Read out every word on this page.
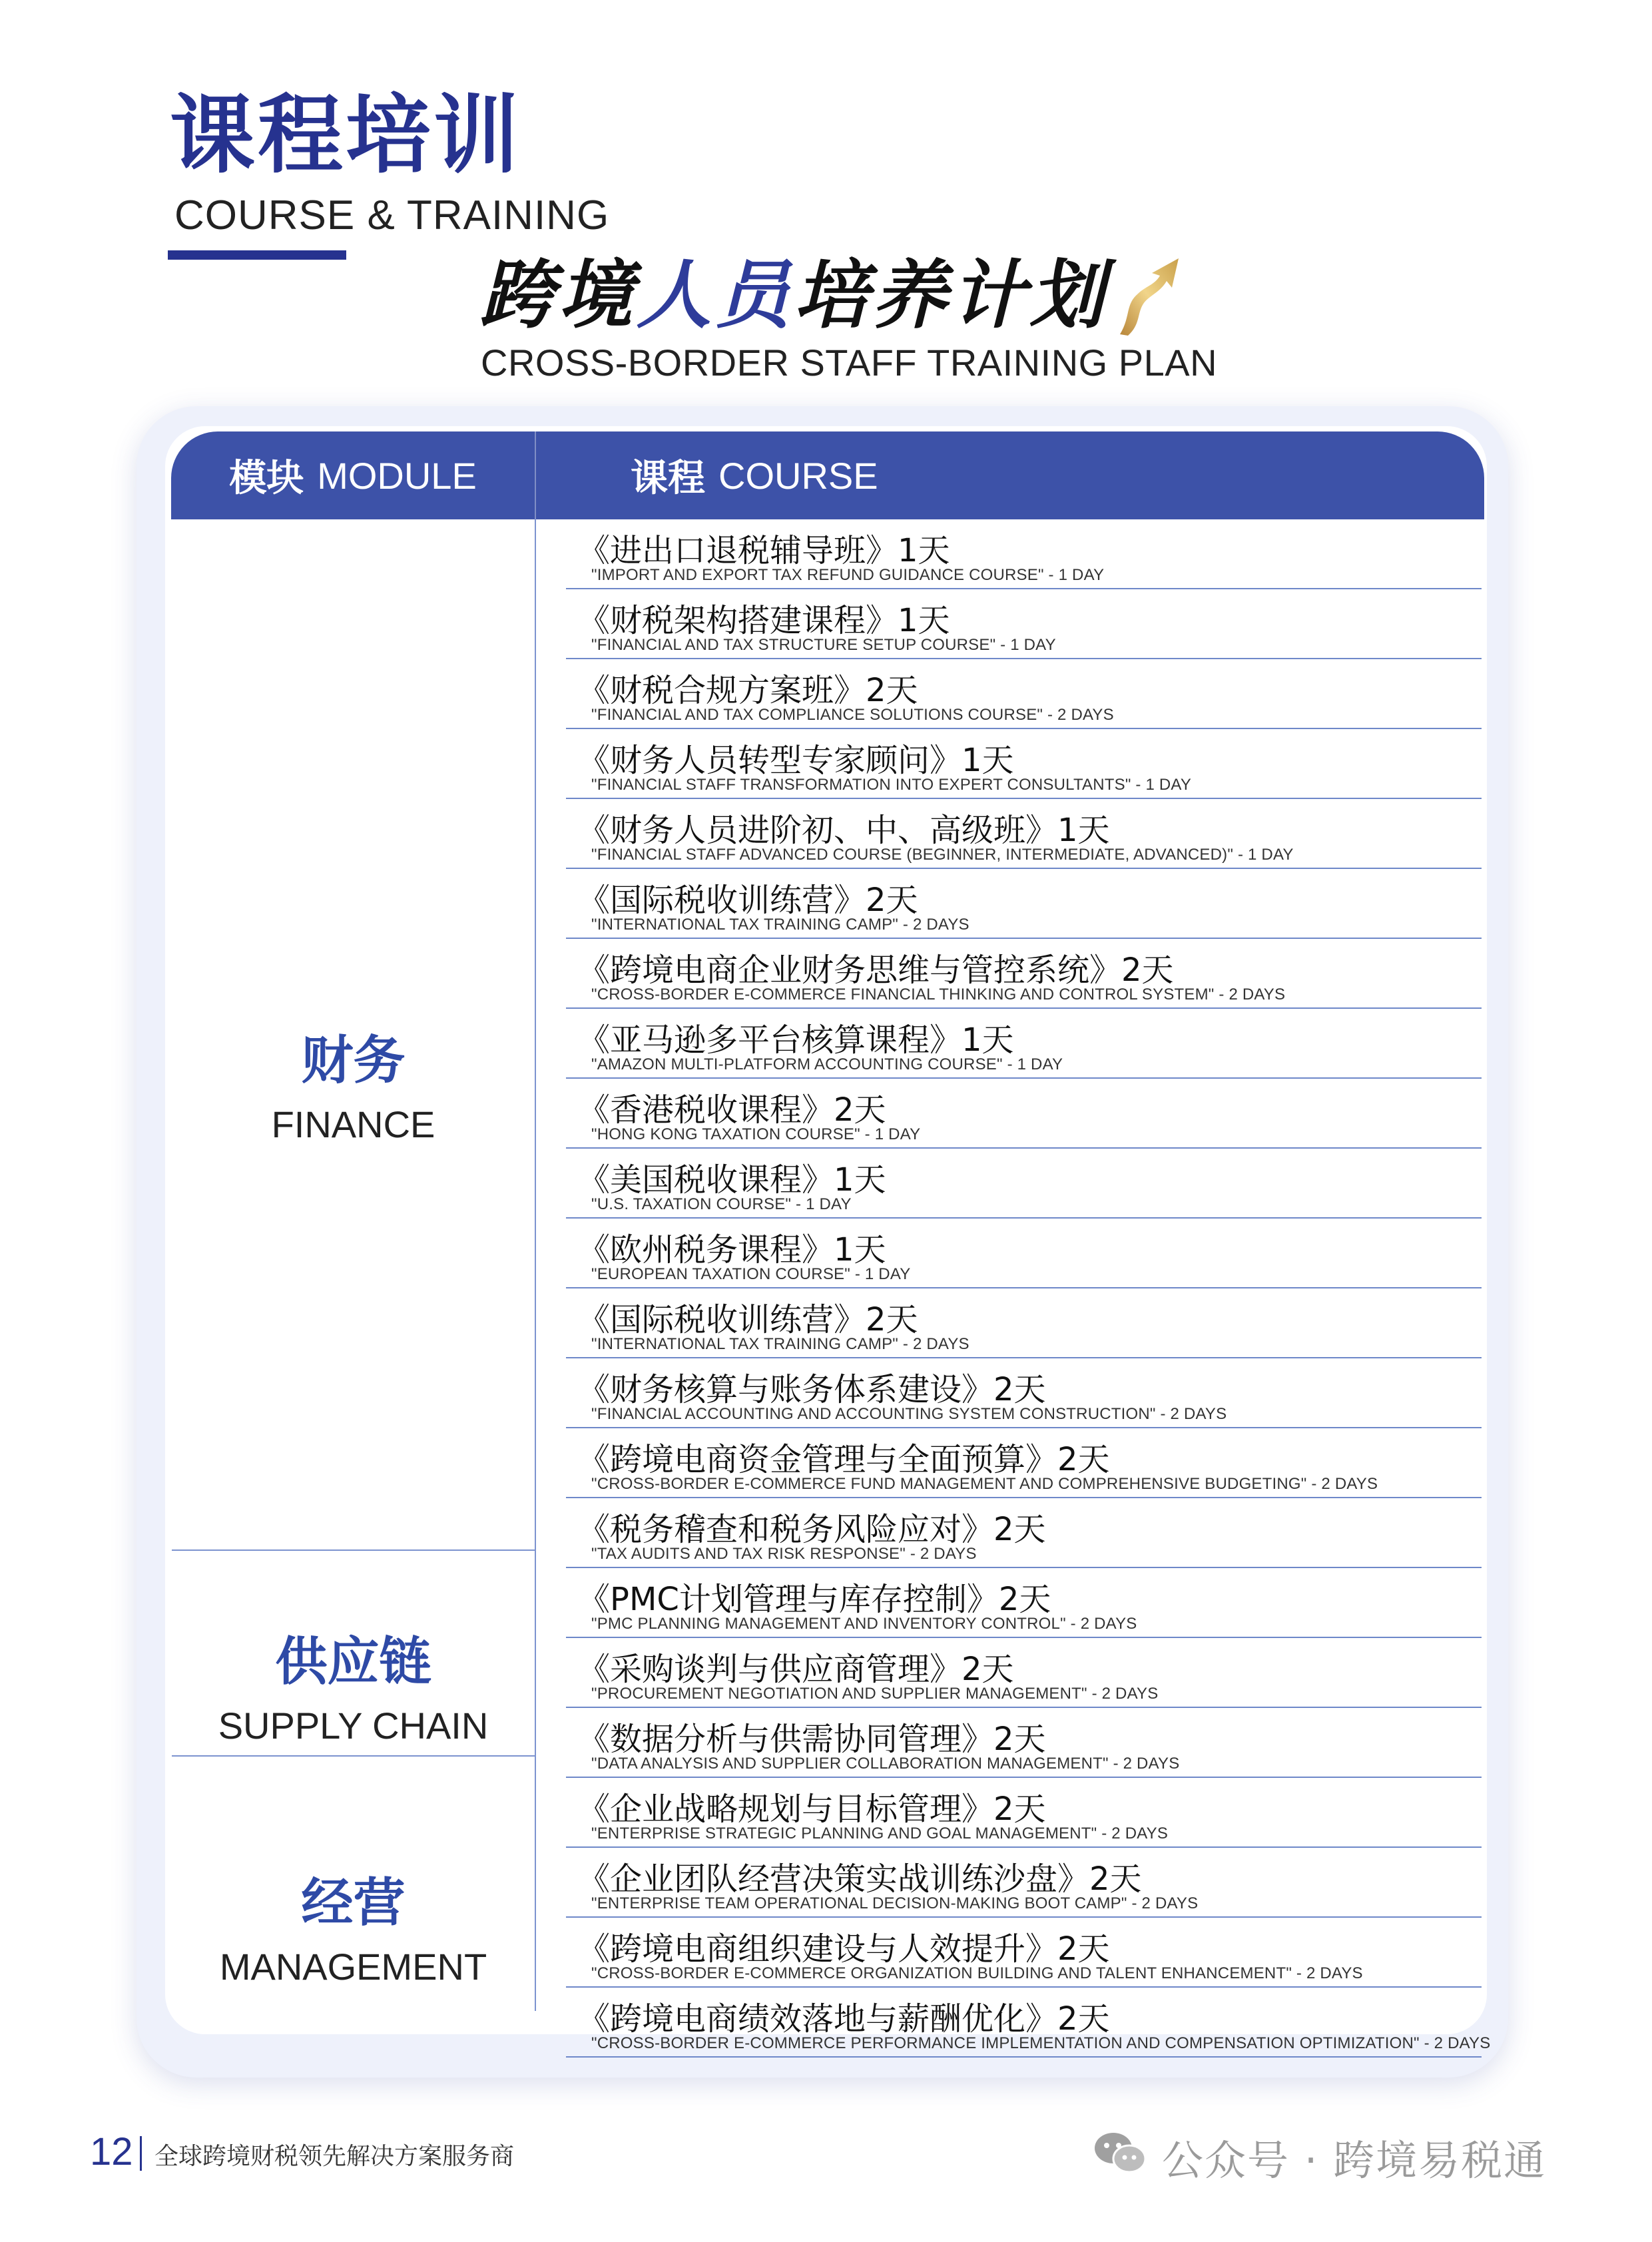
课程培训
COURSE & TRAINING
跨境人员培养计划
CROSS-BORDER STAFF TRAINING PLAN
模块 MODULE	课程 COURSE
财务
FINANCE
供应链
SUPPLY CHAIN
经营
MANAGEMENT
《进出口退税辅导班》1天
"IMPORT AND EXPORT TAX REFUND GUIDANCE COURSE" - 1 DAY
《财税架构搭建课程》1天
"FINANCIAL AND TAX STRUCTURE SETUP COURSE" - 1 DAY
《财税合规方案班》2天
"FINANCIAL AND TAX COMPLIANCE SOLUTIONS COURSE" - 2 DAYS
《财务人员转型专家顾问》1天
"FINANCIAL STAFF TRANSFORMATION INTO EXPERT CONSULTANTS" - 1 DAY
《财务人员进阶初、中、高级班》1天
"FINANCIAL STAFF ADVANCED COURSE (BEGINNER, INTERMEDIATE, ADVANCED)" - 1 DAY
《国际税收训练营》2天
"INTERNATIONAL TAX TRAINING CAMP" - 2 DAYS
《跨境电商企业财务思维与管控系统》2天
"CROSS-BORDER E-COMMERCE FINANCIAL THINKING AND CONTROL SYSTEM" - 2 DAYS
《亚马逊多平台核算课程》1天
"AMAZON MULTI-PLATFORM ACCOUNTING COURSE" - 1 DAY
《香港税收课程》2天
"HONG KONG TAXATION COURSE" - 1 DAY
《美国税收课程》1天
"U.S. TAXATION COURSE" - 1 DAY
《欧州税务课程》1天
"EUROPEAN TAXATION COURSE" - 1 DAY
《国际税收训练营》2天
"INTERNATIONAL TAX TRAINING CAMP" - 2 DAYS
《财务核算与账务体系建设》2天
"FINANCIAL ACCOUNTING AND ACCOUNTING SYSTEM CONSTRUCTION" - 2 DAYS
《跨境电商资金管理与全面预算》2天
"CROSS-BORDER E-COMMERCE FUND MANAGEMENT AND COMPREHENSIVE BUDGETING" - 2 DAYS
《税务稽查和税务风险应对》2天
"TAX AUDITS AND TAX RISK RESPONSE" - 2 DAYS
《PMC计划管理与库存控制》2天
"PMC PLANNING MANAGEMENT AND INVENTORY CONTROL" - 2 DAYS
《采购谈判与供应商管理》2天
"PROCUREMENT NEGOTIATION AND SUPPLIER MANAGEMENT" - 2 DAYS
《数据分析与供需协同管理》2天
"DATA ANALYSIS AND SUPPLIER COLLABORATION MANAGEMENT" - 2 DAYS
《企业战略规划与目标管理》2天
"ENTERPRISE STRATEGIC PLANNING AND GOAL MANAGEMENT" - 2 DAYS
《企业团队经营决策实战训练沙盘》2天
"ENTERPRISE TEAM OPERATIONAL DECISION-MAKING BOOT CAMP" - 2 DAYS
《跨境电商组织建设与人效提升》2天
"CROSS-BORDER E-COMMERCE ORGANIZATION BUILDING AND TALENT ENHANCEMENT" - 2 DAYS
《跨境电商绩效落地与薪酬优化》2天
"CROSS-BORDER E-COMMERCE PERFORMANCE IMPLEMENTATION AND COMPENSATION OPTIMIZATION" - 2 DAYS
12 全球跨境财税领先解决方案服务商	公众号 · 跨境易税通
